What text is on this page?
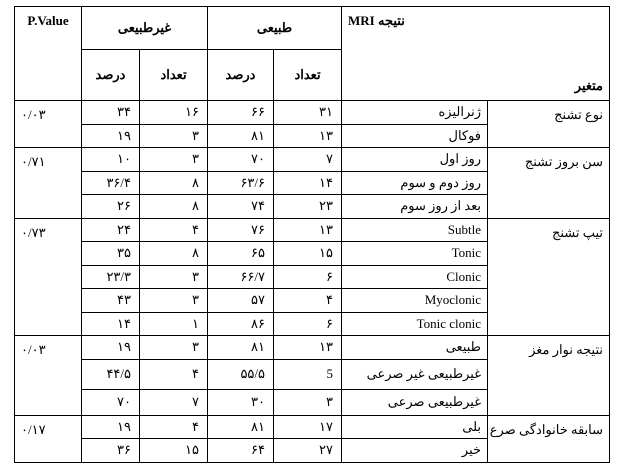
نتیجه MRI		طبیعی		غیرطبیعی		P.Value
متغیر		تعداد	درصد	تعداد	درصد	
نوع تشنج	ژنرالیزه	۳۱	۶۶	۱۶	۳۴	۰/۰۳
	فوکال	۱۳	۸۱	۳	۱۹	
سن بروز تشنج	روز اول	۷	۷۰	۳	۱۰	۰/۷۱
	روز دوم و سوم	۱۴	۶۳/۶	۸	۳۶/۴	
	بعد از روز سوم	۲۳	۷۴	۸	۲۶	
تیپ تشنج	Subtle	۱۳	۷۶	۴	۲۴	۰/۷۳
	Tonic	۱۵	۶۵	۸	۳۵	
	Clonic	۶	۶۶/۷	۳	۲۳/۳	
	Myoclonic	۴	۵۷	۳	۴۳	
	Tonic clonic	۶	۸۶	۱	۱۴	
نتیجه نوار مغز	طبیعی	۱۳	۸۱	۳	۱۹	۰/۰۳
	غیرطبیعی غیر صرعی	5	۵۵/۵	۴	۴۴/۵	
	غیرطبیعی صرعی	۳	۳۰	۷	۷۰	
سابقه خانوادگی صرع	بلی	۱۷	۸۱	۴	۱۹	۰/۱۷
	خیر	۲۷	۶۴	۱۵	۳۶	
